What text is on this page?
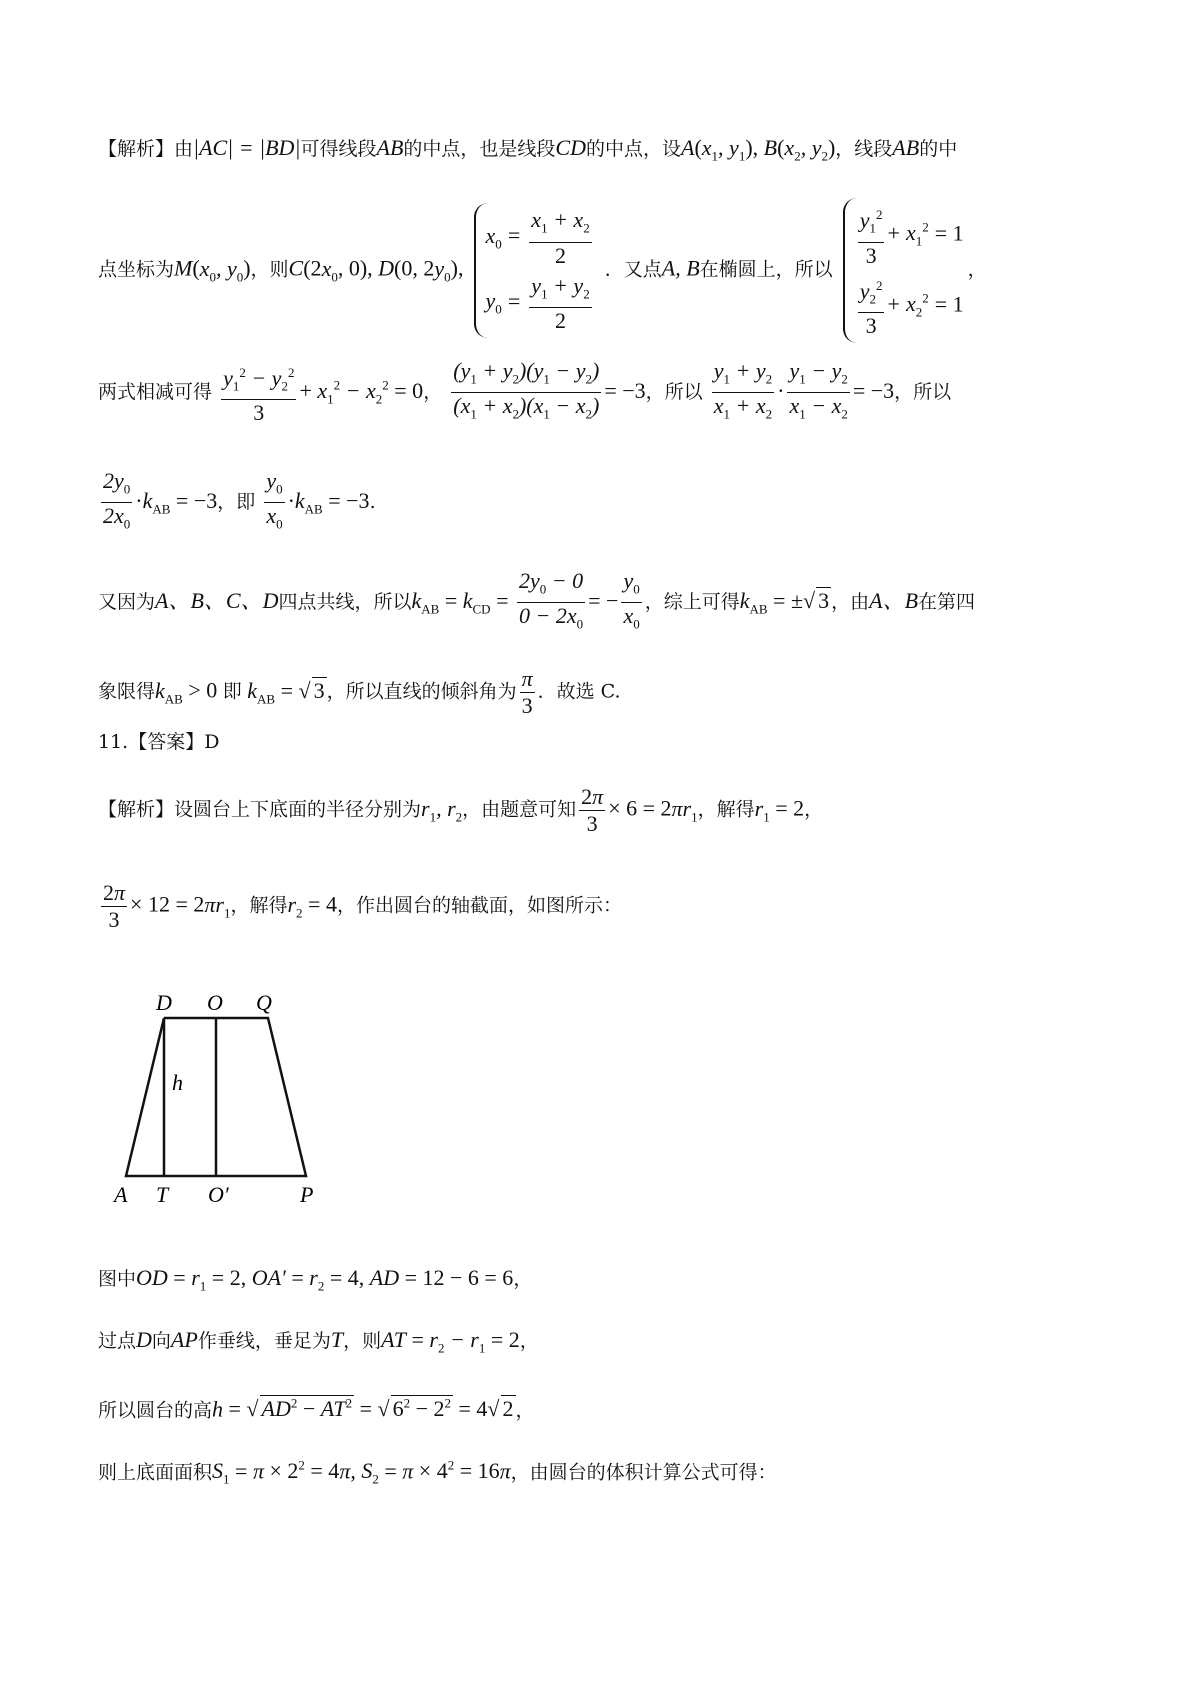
【解析】由|AC| = |BD|可得线段AB的中点，也是线段CD的中点，设$A(x_1$, $y_1$), $B(x_2$, $y_2$)，线段AB的中
点坐标为$M(x_0$, $y_0$)，则$C(2x_0$, 0), D(0, $2y_0$),
$x_0 = \frac{x_1 + x_2}{2}$
$y_0 = \frac{y_1 + y_2}{2}$
．又点A, B在椭圆上，所以
$\frac{y_1^2}{3} + x_1^2 = 1$
$\frac{y_2^2}{3} + x_2^2 = 1$
，
两式相减可得 $\frac{y_1^2 - y_2^2}{3} + x_1^2 - x_2^2 = 0$， $\frac{(y_1 + y_2)(y_1 - y_2)}{(x_1 + x_2)(x_1 - x_2)} = -3$，所以 $\frac{y_1 + y_2}{x_1 + x_2} \cdot \frac{y_1 - y_2}{x_1 - x_2} = -3$，所以
$\frac{2y_0}{2x_0} \cdot k_{AB} = -3$，即 $\frac{y_0}{x_0} \cdot k_{AB} = -3$.
又因为A、B、C、D四点共线，所以$k_{AB} = k_{CD} = \frac{2y_0 - 0}{0 - 2x_0}$ = − $\frac{y_0}{x_0}$ ，综上可得$k_{AB}$ = ±√ 3 ，由A、B在第四
象限得$k_{AB} > 0$ 即 $k_{AB}$ = √ 3 ，所以直线的倾斜角为 $\frac{\pi}{3}$ ．故选 C.
11.【答案】D
【解析】设圆台上下底面的半径分别为$r_1$, $r_2$，由题意可知 $\frac{2\pi}{3} \times 6 = 2\pi r_1$，解得$r_1 = 2$，
$\frac{2\pi}{3} \times 12 = 2\pi r_1$，解得$r_2 = 4$，作出圆台的轴截面，如图所示：
D O Q
h
A T O′	P
图中OD = $r_1 = 2$, $OA' = r_2 = 4$, AD = 12 − 6 = 6，
过点D向AP作垂线，垂足为T，则AT = $r_2 - r_1 = 2$，
所以圆台的高h = √ $AD^2 - AT^2$ = √ $6^2 - 2^2 = 4√$ 2 ，
则上底面面积$S_1 = \pi \times 2^2 = 4\pi$, $S_2 = \pi \times 4^2 = 16\pi$，由圆台的体积计算公式可得：
